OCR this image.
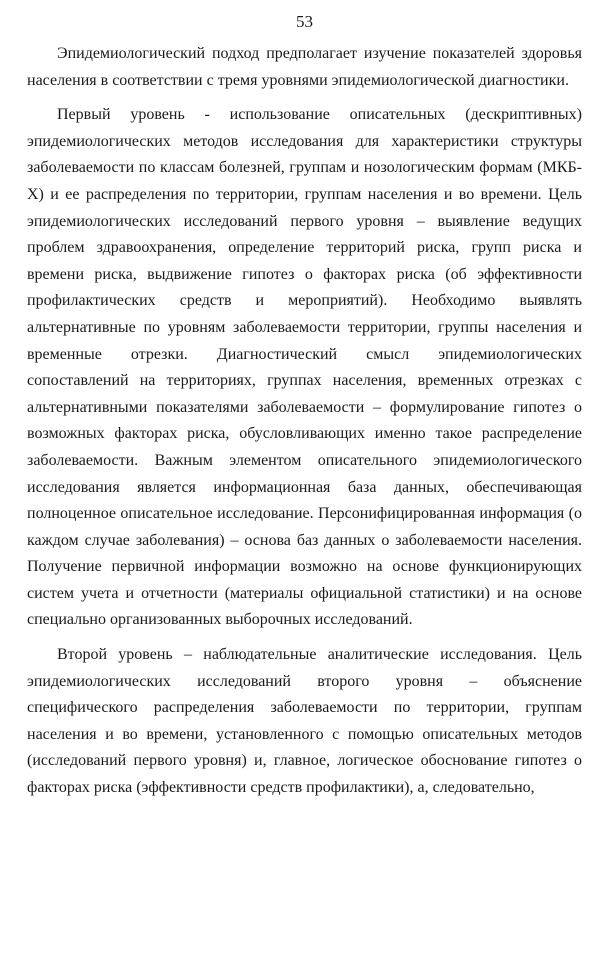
53

Эпидемиологический подход предполагает изучение показателей здоровья населения в соответствии с тремя уровнями эпидемиологической диагностики.

Первый уровень - использование описательных (дескриптивных) эпидемиологических методов исследования для характеристики структуры заболеваемости по классам болезней, группам и нозологическим формам (МКБ-Х) и ее распределения по территории, группам населения и во времени. Цель эпидемиологических исследований первого уровня – выявление ведущих проблем здравоохранения, определение территорий риска, групп риска и времени риска, выдвижение гипотез о факторах риска (об эффективности профилактических средств и мероприятий). Необходимо выявлять альтернативные по уровням заболеваемости территории, группы населения и временные отрезки. Диагностический смысл эпидемиологических сопоставлений на территориях, группах населения, временных отрезках с альтернативными показателями заболеваемости – формулирование гипотез о возможных факторах риска, обусловливающих именно такое распределение заболеваемости. Важным элементом описательного эпидемиологического исследования является информационная база данных, обеспечивающая полноценное описательное исследование. Персонифицированная информация (о каждом случае заболевания) – основа баз данных о заболеваемости населения. Получение первичной информации возможно на основе функционирующих систем учета и отчетности (материалы официальной статистики) и на основе специально организованных выборочных исследований.

Второй уровень – наблюдательные аналитические исследования. Цель эпидемиологических исследований второго уровня – объяснение специфического распределения заболеваемости по территории, группам населения и во времени, установленного с помощью описательных методов (исследований первого уровня) и, главное, логическое обоснование гипотез о факторах риска (эффективности средств профилактики), а, следовательно,
